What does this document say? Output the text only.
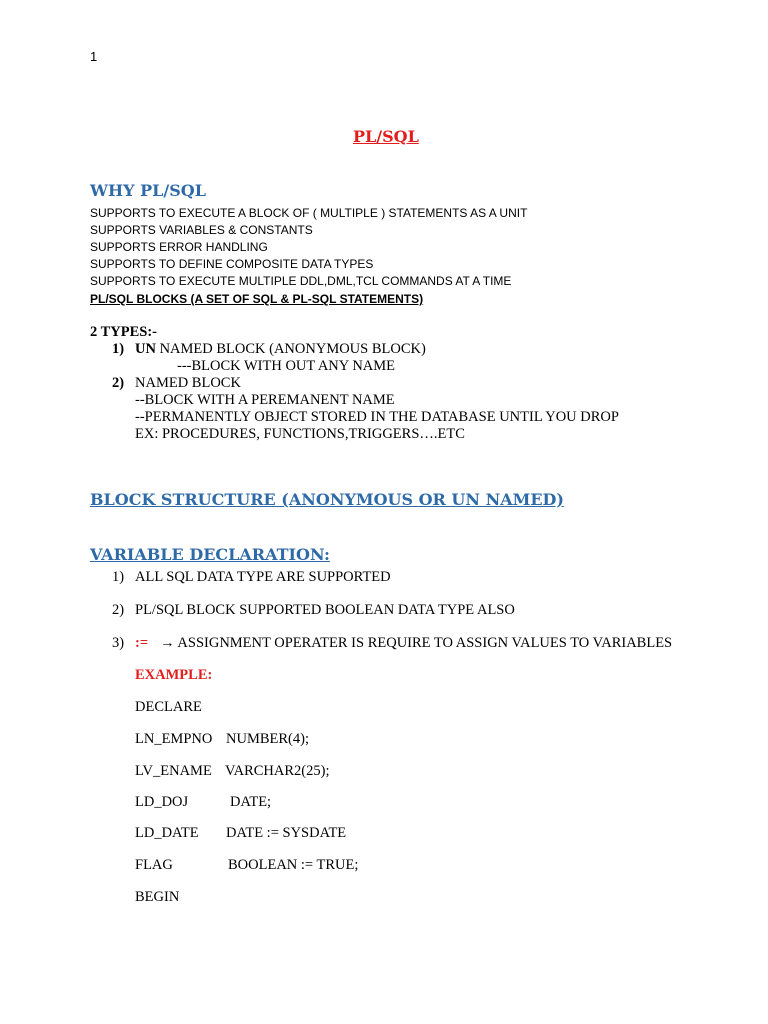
1
PL/SQL
WHY PL/SQL
SUPPORTS TO EXECUTE A BLOCK OF ( MULTIPLE ) STATEMENTS AS A UNIT
SUPPORTS VARIABLES & CONSTANTS
SUPPORTS ERROR HANDLING
SUPPORTS TO DEFINE COMPOSITE DATA TYPES
SUPPORTS TO EXECUTE MULTIPLE DDL,DML,TCL COMMANDS AT A TIME
PL/SQL BLOCKS (A SET OF SQL & PL-SQL STATEMENTS)
2 TYPES:-
1) UN NAMED BLOCK (ANONYMOUS BLOCK)
---BLOCK WITH OUT ANY NAME
2) NAMED BLOCK
--BLOCK WITH A PEREMANENT NAME
--PERMANENTLY OBJECT STORED IN THE DATABASE UNTIL YOU DROP
EX: PROCEDURES, FUNCTIONS,TRIGGERS….ETC
BLOCK STRUCTURE (ANONYMOUS OR UN NAMED)
VARIABLE DECLARATION:
1) ALL SQL DATA TYPE ARE SUPPORTED
2) PL/SQL BLOCK SUPPORTED BOOLEAN DATA TYPE ALSO
3) := → ASSIGNMENT OPERATER IS REQUIRE TO ASSIGN VALUES TO VARIABLES
EXAMPLE:
DECLARE
LN_EMPNO NUMBER(4);
LV_ENAME VARCHAR2(25);
LD_DOJ	DATE;
LD_DATE DATE := SYSDATE
FLAG	BOOLEAN := TRUE;
BEGIN
